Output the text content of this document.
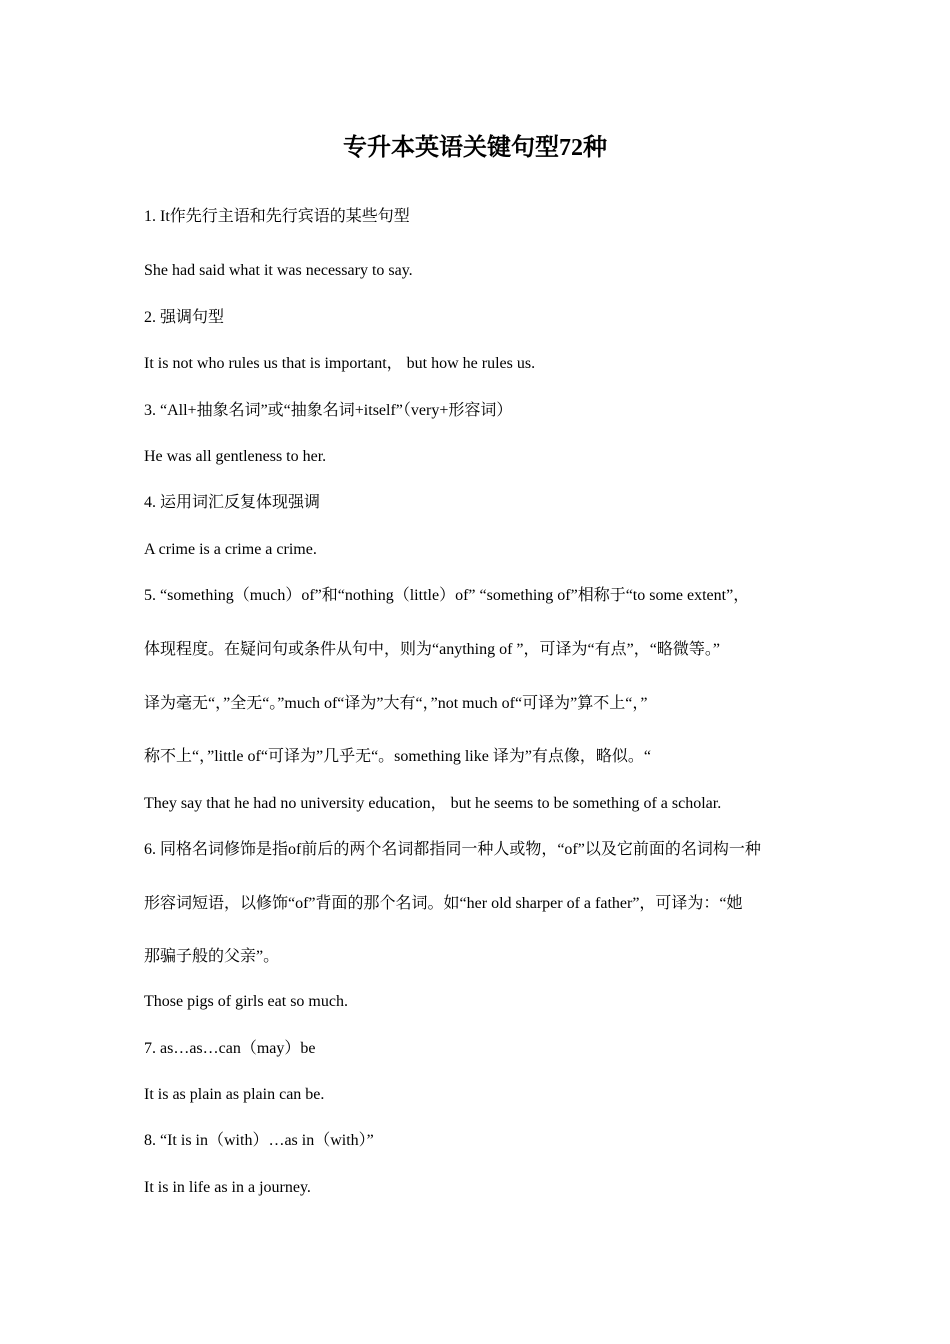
专升本英语关键句型72种
1. It作先行主语和先行宾语的某些句型
She had said what it was necessary to say.
2. 强调句型
It is not who rules us that is important， but how he rules us.
3. “All+抽象名词”或“抽象名词+itself”（very+形容词）
He was all gentleness to her.
4. 运用词汇反复体现强调
A crime is a crime a crime.
5. “something（much）of”和“nothing（little）of” “something of”相称于“to some extent”，
体现程度。在疑问句或条件从句中，则为“anything of ”，可译为“有点”，“略微等。”
译为毫无“，”全无“。”much of“译为”大有“，”not much of“可译为”算不上“，”
称不上“，”little of“可译为”几乎无“。something like 译为”有点像，略似。“
They say that he had no university education， but he seems to be something of a scholar.
6. 同格名词修饰是指of前后的两个名词都指同一种人或物，“of”以及它前面的名词构一种
形容词短语，以修饰“of”背面的那个名词。如“her old sharper of a father”，可译为：“她
那骗子般的父亲”。
Those pigs of girls eat so much.
7. as…as…can（may）be
It is as plain as plain can be.
8. “It is in（with）…as in（with）”
It is in life as in a journey.
